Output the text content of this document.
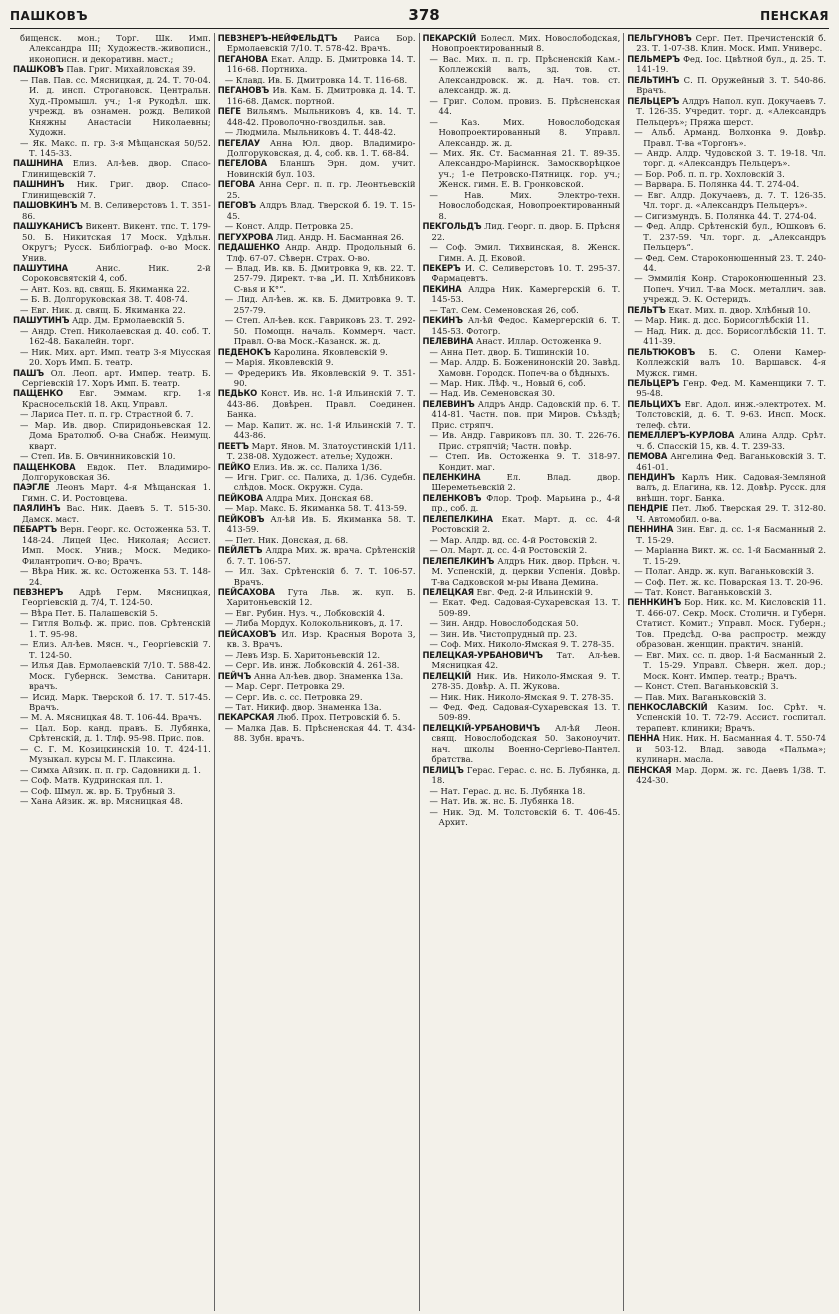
ПАШКОВЪ	378	ПЕНСКАЯ

бищенск. мон.; Торг. Шк. Имп. Александра III; Художеств.-живописн., иконописн. и декоративн. маст.;

ПАШКОВЪ Пав. Григ. Михайловская 39.

— Пав. Пав. сс. Мясницкая, д. 24. Т. 70-04. И. д. инсп. Строгановск. Центральн. Худ.-Промышл. уч.; 1-я Рукодѣл. шк. учрежд. въ ознамен. рожд. Великой Княжны Анастасіи Николаевны; Художн.

— Як. Макс. п. гр. 3-я Мѣщанская 50/52. Т. 145-33.

ПАШНИНА Елиз. Ал-ѣев. двор. Спасо-Глинищевскій 7.

ПАШНИНЪ Ник. Григ. двор. Спасо-Глинищевскій 7.

ПАШОВКИНЪ М. В. Селиверстовъ 1. Т. 351-86.

ПАШУКАНИСЪ Викент. Викент. тпс. Т. 179-50. Б. Никитская 17 Моск. Удѣльн. Округъ; Русск. Библіограф. о-во Моск. Унив.

ПАШУТИНА	Анис. Ник. 2-й Сороковсвятскій 4, соб.

— Ант. Коз. вд. свящ. Б. Якиманка 22.

— Б. В. Долгоруковская 38. Т. 408-74.

— Евг. Ник. д. свящ. Б. Якиманка 22.

ПАШУТИНЪ Адр. Дм. Ермолаевскій 5.

— Андр. Степ. Николаевская д. 40. соб. Т. 162-48. Бакалейн. торг.

— Ник. Мих. арт. Имп. театр 3-я Міусская 20. Хоръ Имп. Б. театр.

ПАШЪ Ол. Леоп. арт. Импер. театр. Б. Сергіевскій 17. Хоръ Имп. Б. театр.

ПАЩЕНКО Евг. Эммам. кгр. 1-я Красносельскій 18. Акц. Управл.

— Лариса Пет. п. п. гр. Страстной б. 7.

— Мар. Ив. двор. Спиридоньевская 12. Дома Братолюб. О-ва Снабж. Неимущ. кварт.

— Степ. Ив. Б. Овчинниковскій 10.

ПАЩЕНКОВА Евдок. Пет. Владимиро-Долгоруковская 36.

ПАЭГЛЕ Леонъ Март. 4-я Мѣщанская 1. Гимн. С. И. Ростовцева.

ПАЯЛИНЪ Вас. Ник. Даевъ 5. Т. 515-30. Дамск. маст.

ПЕБАРТЪ Верн. Георг. кс. Остоженка 53. Т. 148-24. Лицей Цес. Николая; Ассист. Имп. Моск. Унив.; Моск. Медико-Филантропич. О-во; Врачъ.

— Вѣра Ник. ж. кс. Остоженка 53. Т. 148-24.

ПЕВЗНЕРЪ Адрѣ Герм. Мясницкая, Георгіевскій д. 7/4, Т. 124-50.

— Вѣра Пет. Б. Палашевскій 5.

— Гитля Вольф. ж. прис. пов. Срѣтенскій 1. Т. 95-98.

— Елиз. Ал-ѣев. Мясн. ч., Георгіевскій 7. Т. 124-50.

— Илья Дав. Ермолаевскій 7/10. Т. 588-42. Моск. Губернск. Земства. Санитарн. врачъ.

— Исид. Марк. Тверской б. 17. Т. 517-45. Врачъ.

— М. А. Мясницкая 48. Т. 106-44. Врачъ.

— Цал. Бор. канд. правъ. Б. Лубянка, Срѣтенскій, д. 1. Тлф. 95-98. Прис. пов.

— С. Г. М. Козицкинскій 10. Т. 424-11. Музыкал. курсы М. Г. Плаксина.

— Симха Айзик. п. п. гр. Садовники д. 1.

— Соф. Матв. Кудринская пл. 1.

— Соф. Шмул. ж. вр. Б. Трубный 3.

— Хана Айзик. ж. вр. Мясницкая 48.

ПЕВЗНЕРЪ-НЕЙФЕЛЬДТЪ Раиса Бор. Ермолаевскій 7/10. Т. 578-42. Врачъ.

ПЕГАНОВА Екат. Алдр. Б. Дмитровка 14. Т. 116-68. Портниха.

— Клавд. Ив. Б. Дмитровка 14. Т. 116-68.

ПЕГАНОВЪ Ив. Кам. Б. Дмитровка д. 14. Т. 116-68. Дамск. портной.

ПЕГЕ Вильямъ. Мыльниковъ 4, кв. 14. Т. 448-42. Проволочно-гвоздильн. зав.

— Людмила. Мыльниковъ 4. Т. 448-42.

ПЕГЕЛАУ Анна Юл. двор. Владимиро-Долгоруковская, д. 4, соб. кв. 1. Т. 68-84.

ПЕГЕЛОВА Бланшъ Эрн. дом. учит. Новинскій бул. 103.

ПЕГОВА Анна Серг. п. п. гр. Леонтьевскій 25.

ПЕГОВЪ Алдръ Влад. Тверской б. 19. Т. 15-45.

— Конст. Алдр. Петровка 25.

ПЕГУХРОВА Лид. Андр. Н. Басманная 26.

ПЕДАШЕНКО Андр. Андр. Продольный 6. Тлф. 67-07. Сѣверн. Страх. О-во.

— Влад. Ив. кв. Б. Дмитровка 9, кв. 22. Т. 257-79. Директ. т-ва „И. П. Хлѣбниковъ С-вья и К°“.

— Лид. Ал-ѣев. ж. кв. Б. Дмитровка 9. Т. 257-79.

— Степ. Ал-ѣев. кск. Гавриковъ 23. Т. 292-50. Помощн. началь. Коммерч. част. Правл. О-ва Моск.-Казанск. ж. д.

ПЕДЕНОКЪ Каролина. Яковлевскій 9.

— Марія. Яковлевскій 9.

— Фредерикъ Ив. Яковлевскій 9. Т. 351-90.

ПЕДЬКО Конст. Ив. нс. 1-й Ильинскій 7. Т. 443-86. Довѣрен. Правл. Соединен. Банка.

— Мар. Капит. ж. нс. 1-й Ильинскій 7. Т. 443-86.

ПЕЕТЪ Март. Янов. М. Златоустинскій 1/11. Т. 238-08. Художест. ателье; Художн.

ПЕЙКО Елиз. Ив. ж. сс. Палиха 1/36.

— Игн. Григ. сс. Палиха, д. 1/36. Судебн. слѣдов. Моск. Окружн. Суда.

ПЕЙКОВА Алдра Мих. Донская 68.

— Мар. Макс. Б. Якиманка 58. Т. 413-59.

ПЕЙКОВЪ Ал-ѣй Ив. Б. Якиманка 58. Т. 413-59.

— Пет. Ник. Донская, д. 68.

ПЕЙЛЕТЪ Алдра Мих. ж. врача. Срѣтенскій б. 7. Т. 106-57.

— Ил. Зах. Срѣтенскій б. 7. Т. 106-57. Врачъ.

ПЕЙСАХОВА Гута Льв. ж. куп. Б. Харитоньевскій 12.

— Евг. Рубин. Нуз. ч., Лобковскій 4.

— Либа Мордух. Колокольниковъ, д. 17.

ПЕЙСАХОВЪ Ил. Изр. Красныя Ворота 3, кв. 3. Врачъ.

— Левъ Изр. Б. Харитоньевскій 12.

— Серг. Ив. инж. Лобковскій 4. 261-38.

ПЕЙЧЪ Анна Ал-ѣев. двор. Знаменка 13а.

— Мар. Серг. Петровка 29.

— Серг. Ив. с. сс. Петровка 29.

— Тат. Никиф. двор. Знаменка 13а.

ПЕКАРСКАЯ Люб. Прох. Петровскій б. 5.

— Малка Дав. Б. Прѣсненская 44. Т. 434-88. Зубн. врачъ.

ПЕКАРСКІЙ Болесл. Мих. Новослободская, Новопроектированный 8.

— Вас. Мих. п. п. гр. Прѣсненскій Кам.-Коллежскій валъ, зд. тов. ст. Александровск. ж. д. Нач. тов. ст. александр. ж. д.

— Григ. Солом. провиз. Б. Прѣсненская 44.

— Каз. Мих. Новослободская Новопроектированный 8. Управл. Александр. ж. д.

— Мих. Як. Ст. Басманная 21. Т. 89-35. Александро-Маріинск. Замоскворѣцкое уч.; 1-е Петровско-Пятницк. гор. уч.; Женск. гимн. Е. В. Гронковской.

— Нав. Мих. Электро-техн. Новослободская, Новопроектированный 8.

ПЕКГОЛЬДЪ Лид. Георг. п. двор. Б. Прѣсня 22.

— Соф. Эмил. Тихвинская, 8. Женск. Гимн. А. Д. Ековой.

ПЕКЕРЪ И. С. Селиверстовъ 10. Т. 295-37. Фармацевтъ.

ПЕКИНА Алдра Ник. Камергерскій 6. Т. 145-53.

— Тат. Сем. Семеновская 26, соб.

ПЕКИНЪ Ал-ѣй Федос. Камергерскій 6. Т. 145-53. Фотогр.

ПЕЛЕВИНА Анаст. Иллар. Остоженка 9.

— Анна Пет. двор. Б. Тишинскій 10.

— Мар. Алдр. Б. Боженинонскій 20. Завѣд. Хамовн. Городск. Попеч-ва о бѣдныхъ.

— Мар. Ник. Лѣф. ч., Новый 6, соб.

— Над. Ив. Семеновская 30.

ПЕЛЕВИНЪ Алдръ Андр. Садовскій пр. 6. Т. 414-81. Частн. пов. при Миров. Съѣздѣ; Прис. стряпч.

— Ив. Андр. Гавриковъ пл. 30. Т. 226-76. Прис. стряпчій; Частн. повѣр.

— Степ. Ив. Остоженка 9. Т. 318-97. Кондит. маг.

ПЕЛЕНКИНА	Ел. Влад. двор. Шереметьевскій 2.

ПЕЛЕНКОВЪ Флор. Троф. Марьина р., 4-й пр., соб. д.

ПЕЛЕПЕЛКИНА Екат. Март. д. сс. 4-й Ростовскій 2.

— Мар. Алдр. вд. сс. 4-й Ростовскій 2.

— Ол. Март. д. сс. 4-й Ростовскій 2.

ПЕЛЕПЕЛКИНЪ Алдръ Ник. двор. Прѣсн. ч. М. Успенскій, д. церкви Успенія. Довѣр. Т-ва Садковской м-ры Ивана Демина.

ПЕЛЕЦКАЯ Евг. Фед. 2-й Ильинскій 9.

— Екат. Фед. Садовая-Сухаревская 13. Т. 509-89.

— Зин. Андр. Новослободская 50.

— Зин. Ив. Чистопрудный пр. 23.

— Соф. Мих. Николо-Ямская 9. Т. 278-35.

ПЕЛЕЦКАЯ-УРБАНОВИЧЪ Тат. Ал-ѣев. Мясницкая 42.

ПЕЛЕЦКІЙ Ник. Ив. Николо-Ямская 9. Т. 278-35. Довѣр. А. П. Жукова.

— Ник. Ник. Николо-Ямская 9. Т. 278-35.

— Фед. Фед. Садовая-Сухаревская 13. Т. 509-89.

ПЕЛЕЦКІЙ-УРБАНОВИЧЪ Ал-ѣй Леон. свящ. Новослободская 50. Законоучит. нач. школы Военно-Сергіево-Пантел. братства.

ПЕЛИЦЪ Герас. Герас. с. нс. Б. Лубянка, д. 18.

— Нат. Герас. д. нс. Б. Лубянка 18.

— Нат. Ив. ж. нс. Б. Лубянка 18.

— Ник. Эд. М. Толстовскій 6. Т. 406-45. Архит.

ПЕЛЬГУНОВЪ Серг. Пет. Пречистенскій б. 23. Т. 1-07-38. Клин. Моск. Имп. Универс.

ПЕЛЬМЕРЪ Фед. Іос. Цвѣтной бул., д. 25. Т. 141-19.

ПЕЛЬТИНЪ С. П. Оружейный 3. Т. 540-86. Врачъ.

ПЕЛЬЦЕРЪ Алдръ Напол. куп. Докучаевъ 7. Т. 126-35. Учредит. торг. д. «Александръ Пельцеръ»; Пряжа шерст.

— Альб. Арманд. Волхонка 9. Довѣр. Правл. Т-ва «Торгонъ».

— Андр. Алдр. Чудовской 3. Т. 19-18. Чл. торг. д. «Александръ Пельцеръ».

— Бор. Роб. п. п. гр. Хохловскій 3.

— Варвара. Б. Полянка 44. Т. 274-04.

— Евг. Алдр. Докучаевъ, д. 7. Т. 126-35. Чл. торг. д. «Александръ Пельцеръ».

— Сигизмундъ. Б. Полянка 44. Т. 274-04.

— Фед. Алдр. Срѣтенскій бул., Юшковъ 6. Т. 237-59. Чл. торг. д. „Александръ Пельцеръ“.

— Фед. Сем. Староконюшенный 23. Т. 240-44.

— Эммилія Конр. Староконюшенный 23. Попеч. Учил. Т-ва Моск. металлич. зав. учрежд. Э. К. Остеридъ.

ПЕЛЬТЪ Екат. Мих. п. двор. Хлѣбный 10.

— Мар. Ник. д. дсс. Борисоглѣбскій 11.

— Над. Ник. д. дсс. Борисоглѣбскій 11. Т. 411-39.

ПЕЛЬТЮКОВЪ Б. С. Олени Камер-Коллежскій валъ 10. Варшавск. 4-я Мужск. гимн.

ПЕЛЬЦЕРЪ Генр. Фед. М. Каменщики 7. Т. 95-48.

ПЕЛЬЦИХЪ Евг. Адол. инж.-электротех. М. Толстовскій, д. 6. Т. 9-63. Инсп. Моск. телеф. сѣти.

ПЕМЕЛЛЕРЪ-КУРЛОВА Алина Алдр. Срѣт. ч. б. Спасскій 15, кв. 4. Т. 239-33.

ПЕМОВА Ангелина Фед. Ваганьковскій 3. Т. 461-01.

ПЕНДИНЪ Карлъ Ник. Садовая-Земляной валъ, д. Елагина, кв. 12. Довѣр. Русск. для внѣшн. торг. Банка.

ПЕНДРІЕ Пет. Люб. Тверская 29. Т. 312-80. Ч. Автомобил. о-ва.

ПЕННИНА Зин. Евг. д. сс. 1-я Басманный 2. Т. 15-29.

— Маріанна Викт. ж. сс. 1-й Басманный 2. Т. 15-29.

— Полаг. Андр. ж. куп. Ваганьковскій 3.

— Соф. Пет. ж. кс. Поварская 13. Т. 20-96.

— Тат. Конст. Ваганьковскій 3.

ПЕННКИНЪ Бор. Ник. кс. М. Кисловскій 11. Т. 466-07. Секр. Моск. Столичн. и Губерн. Статист. Комит.; Управл. Моск. Губерн.; Тов. Предсѣд. О-ва распростр. между образован. женщин. практич. знаній.

— Евг. Мих. сс. п. двор. 1-й Басманный 2. Т. 15-29. Управл. Сѣверн. жел. дор.; Моск. Конт. Импер. театр.; Врачъ.

— Конст. Степ. Ваганьковскій 3.

— Пав. Мих. Ваганьковскій 3.

ПЕНКОСЛАВСКІЙ Казим. Іос. Срѣт. ч. Успенскій 10. Т. 72-79. Ассист. госпитал. терапевт. клиники; Врачъ.

ПЕННА Ник. Ник. Н. Басманная 4. Т. 550-74 и 503-12. Влад. завода «Пальма»; кулинарн. масла.

ПЕНСКАЯ Мар. Дорм. ж. гс. Даевъ 1/38. Т. 424-30.
